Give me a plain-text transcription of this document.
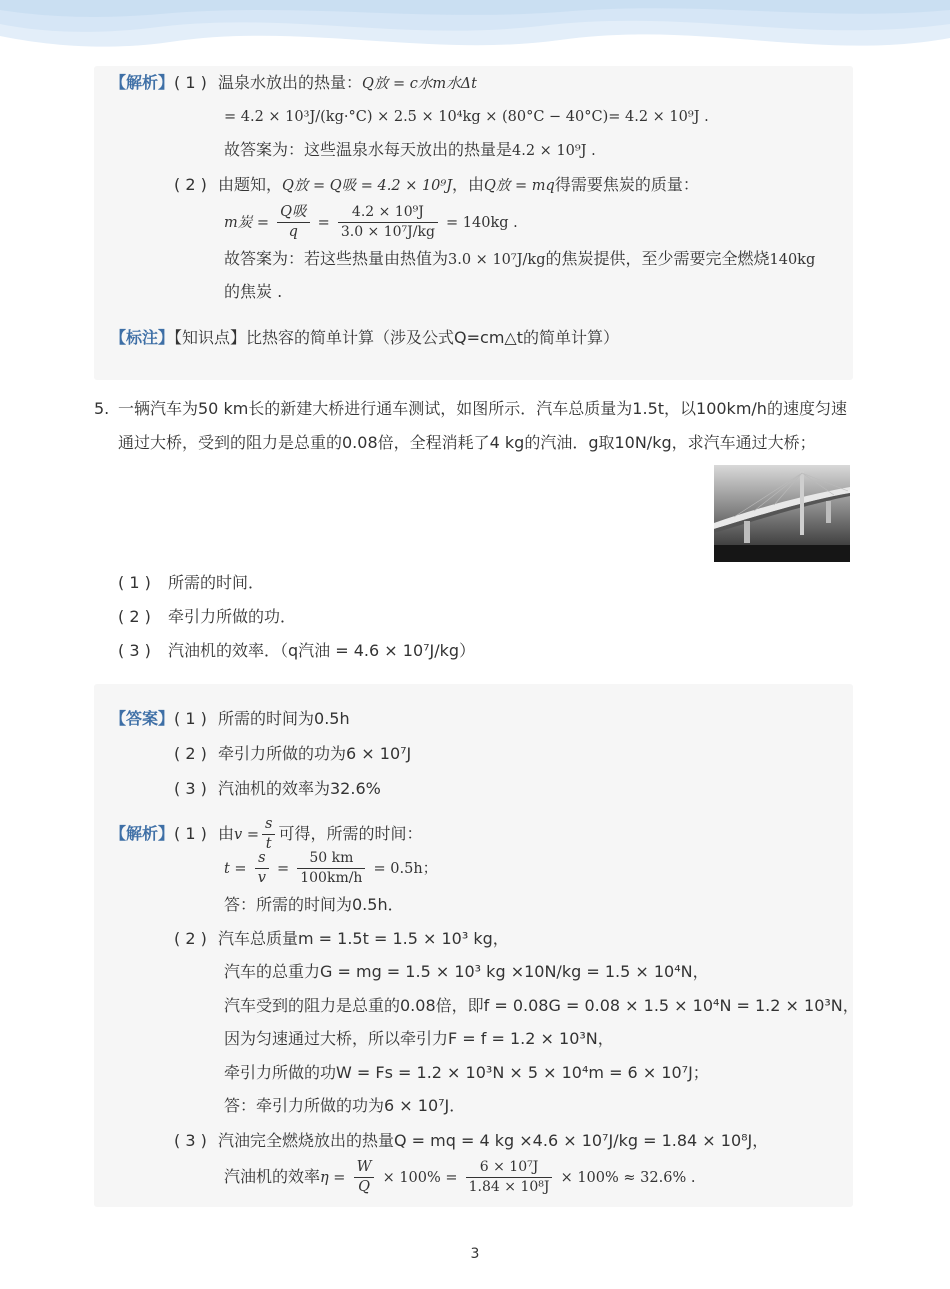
【解析】( 1 ) 温泉水放出的热量：Q放 = c水m水Δt
= 4.2 × 10³J/(kg·°C) × 2.5 × 10⁴kg × (80°C − 40°C)= 4.2 × 10⁹J .
故答案为：这些温泉水每天放出的热量是4.2 × 10⁹J .
( 2 ) 由题知，Q放 = Q吸 = 4.2 × 10⁹J，由Q放 = mq得需要焦炭的质量：
m炭 = $\frac{\text{Q吸}}{q} = \frac{\text{4.2 × 10⁹J}}{\text{3.0 × 10⁷J/kg}} = 140kg$ .
故答案为：若这些热量由热值为3.0 × 10⁷J/kg的焦炭提供，至少需要完全燃烧140kg
的焦炭 .
【标注】【知识点】比热容的简单计算（涉及公式Q=cm△t的简单计算）
5. 一辆汽车为50 km长的新建大桥进行通车测试，如图所示．汽车总质量为1.5t，以100km/h的速度匀速
通过大桥，受到的阻力是总重的0.08倍，全程消耗了4 kg的汽油．g取10N/kg，求汽车通过大桥；
( 1 ) 所需的时间．
( 2 ) 牵引力所做的功．
( 3 ) 汽油机的效率．（q汽油 = 4.6 × 10⁷J/kg）
【答案】( 1 ) 所需的时间为0.5h
( 2 ) 牵引力所做的功为6 × 10⁷J
( 3 ) 汽油机的效率为32.6%
【解析】( 1 ) 由$v = \frac{s}{t}$ 可得，所需的时间：
$t = \frac{s}{v} = \frac{50 km}{100km/h} = 0.5h$；
答：所需的时间为0.5h．
( 2 ) 汽车总质量m = 1.5t = 1.5 × 10³ kg，
汽车的总重力G = mg = 1.5 × 10³ kg ×10N/kg = 1.5 × 10⁴N，
汽车受到的阻力是总重的0.08倍，即f = 0.08G = 0.08 × 1.5 × 10⁴N = 1.2 × 10³N，
因为匀速通过大桥，所以牵引力F = f = 1.2 × 10³N，
牵引力所做的功W = Fs = 1.2 × 10³N × 5 × 10⁴m = 6 × 10⁷J；
答：牵引力所做的功为6 × 10⁷J．
( 3 ) 汽油完全燃烧放出的热量Q = mq = 4 kg ×4.6 × 10⁷J/kg = 1.84 × 10⁸J，
汽油机的效率$\eta = \frac{W}{Q} \times 100\% = \frac{\text{6 × 10⁷J}}{\text{1.84 × 10⁸J}} \times 100\% \approx 32.6\%$ .
3
